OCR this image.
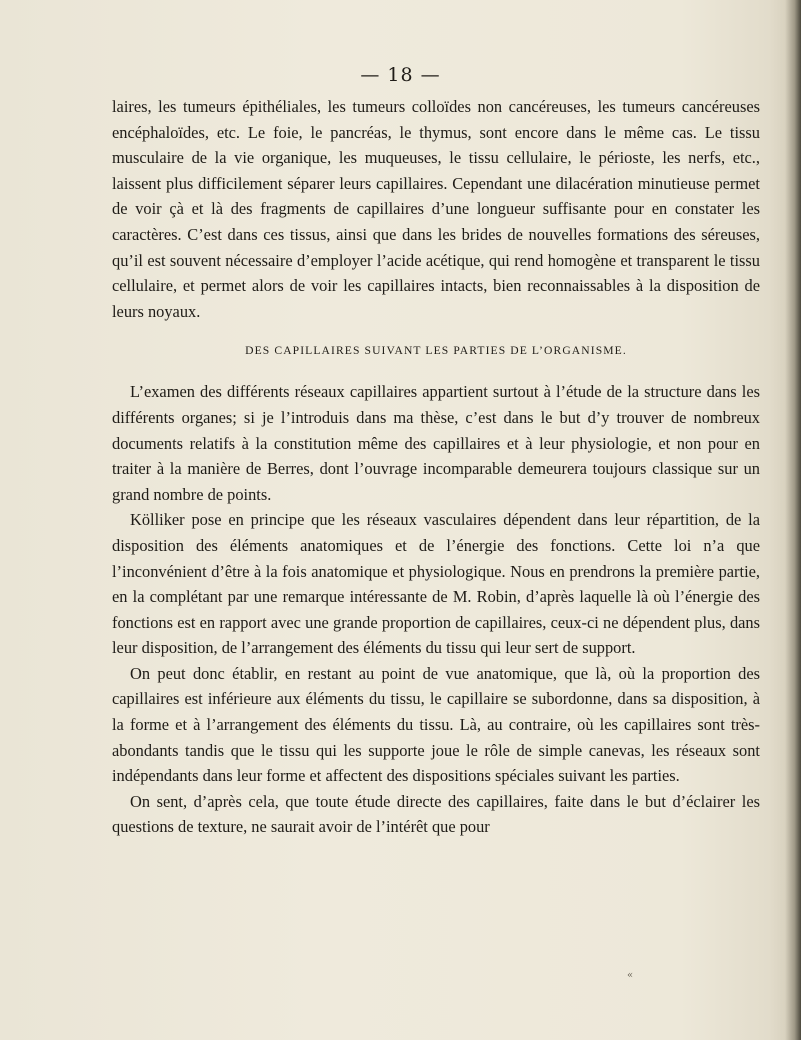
— 18 —

laires, les tumeurs épithéliales, les tumeurs colloïdes non cancéreuses, les tumeurs cancéreuses encéphaloïdes, etc. Le foie, le pancréas, le thymus, sont encore dans le même cas. Le tissu musculaire de la vie organique, les muqueuses, le tissu cellulaire, le périoste, les nerfs, etc., laissent plus difficilement séparer leurs capillaires. Cependant une dilacération minutieuse permet de voir çà et là des fragments de capillaires d’une longueur suffisante pour en constater les caractères. C’est dans ces tissus, ainsi que dans les brides de nouvelles formations des séreuses, qu’il est souvent nécessaire d’employer l’acide acétique, qui rend homogène et transparent le tissu cellulaire, et permet alors de voir les capillaires intacts, bien reconnaissables à la disposition de leurs noyaux.

DES CAPILLAIRES SUIVANT LES PARTIES DE L’ORGANISME.

L’examen des différents réseaux capillaires appartient surtout à l’étude de la structure dans les différents organes; si je l’introduis dans ma thèse, c’est dans le but d’y trouver de nombreux documents relatifs à la constitution même des capillaires et à leur physiologie, et non pour en traiter à la manière de Berres, dont l’ouvrage incomparable demeurera toujours classique sur un grand nombre de points.

Kölliker pose en principe que les réseaux vasculaires dépendent dans leur répartition, de la disposition des éléments anatomiques et de l’énergie des fonctions. Cette loi n’a que l’inconvénient d’être à la fois anatomique et physiologique. Nous en prendrons la première partie, en la complétant par une remarque intéressante de M. Robin, d’après laquelle là où l’énergie des fonctions est en rapport avec une grande proportion de capillaires, ceux-ci ne dépendent plus, dans leur disposition, de l’arrangement des éléments du tissu qui leur sert de support.

On peut donc établir, en restant au point de vue anatomique, que là, où la proportion des capillaires est inférieure aux éléments du tissu, le capillaire se subordonne, dans sa disposition, à la forme et à l’arrangement des éléments du tissu. Là, au contraire, où les capillaires sont très-abondants tandis que le tissu qui les supporte joue le rôle de simple canevas, les réseaux sont indépendants dans leur forme et affectent des dispositions spéciales suivant les parties.

On sent, d’après cela, que toute étude directe des capillaires, faite dans le but d’éclairer les questions de texture, ne saurait avoir de l’intérêt que pour

«
